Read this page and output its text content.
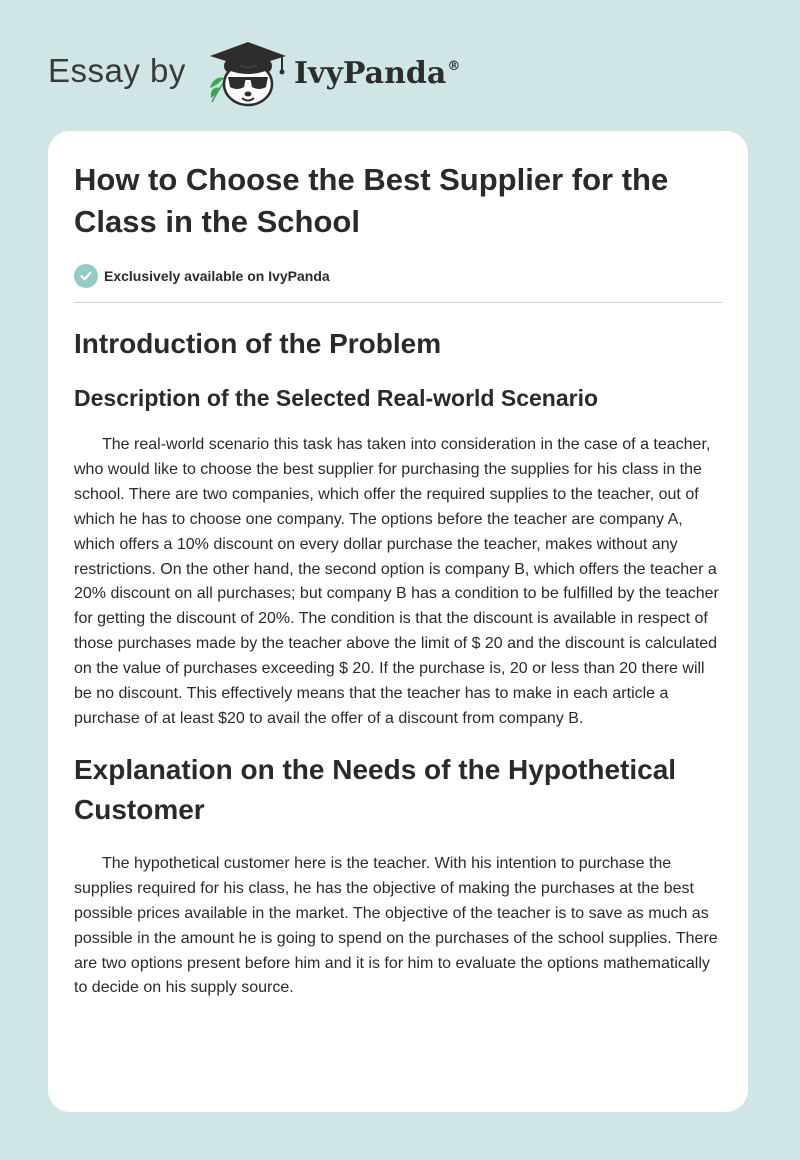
Essay by	IvyPanda®
How to Choose the Best Supplier for the Class in the School
Exclusively available on IvyPanda
Introduction of the Problem
Description of the Selected Real-world Scenario

The real-world scenario this task has taken into consideration in the case of a teacher, who would like to choose the best supplier for purchasing the supplies for his class in the school. There are two companies, which offer the required supplies to the teacher, out of which he has to choose one company. The options before the teacher are company A, which offers a 10% discount on every dollar purchase the teacher, makes without any restrictions. On the other hand, the second option is company B, which offers the teacher a 20% discount on all purchases; but company B has a condition to be fulfilled by the teacher for getting the discount of 20%. The condition is that the discount is available in respect of those purchases made by the teacher above the limit of $ 20 and the discount is calculated on the value of purchases exceeding $ 20. If the purchase is, 20 or less than 20 there will be no discount. This effectively means that the teacher has to make in each article a purchase of at least $20 to avail the offer of a discount from company B.

Explanation on the Needs of the Hypothetical Customer

The hypothetical customer here is the teacher. With his intention to purchase the supplies required for his class, he has the objective of making the purchases at the best possible prices available in the market. The objective of the teacher is to save as much as possible in the amount he is going to spend on the purchases of the school supplies. There are two options present before him and it is for him to evaluate the options mathematically to decide on his supply source.
